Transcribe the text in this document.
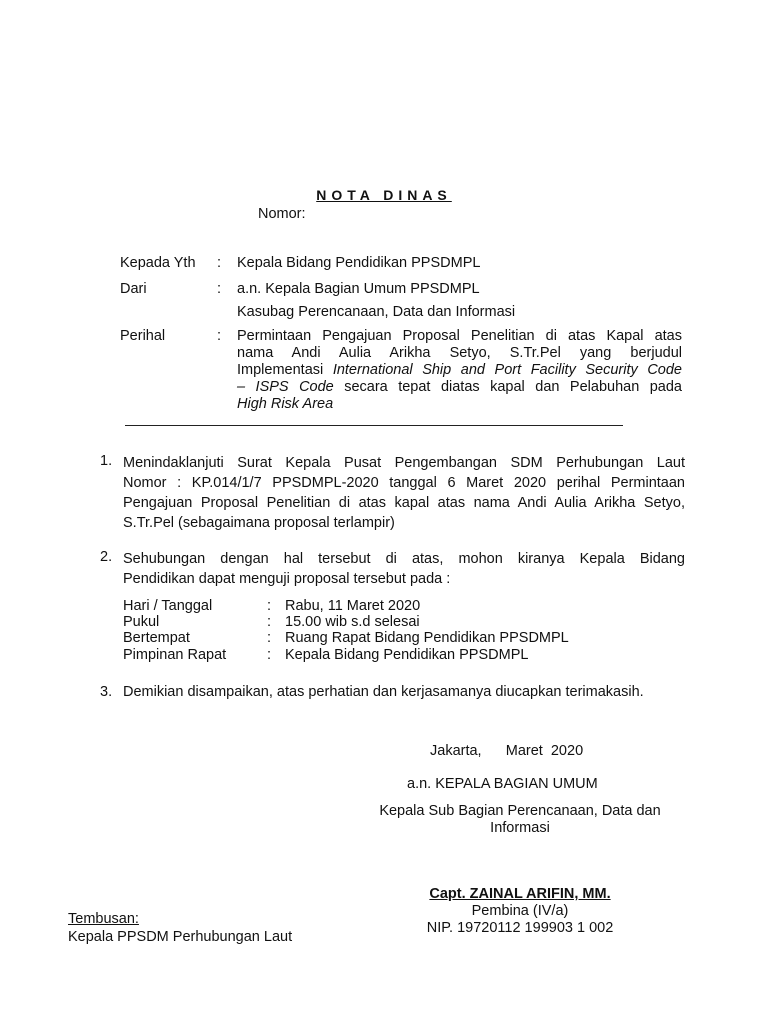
NOTA DINAS
Nomor:
Kepada Yth : Kepala Bidang Pendidikan PPSDMPL
Dari	: a.n. Kepala Bagian Umum PPSDMPL
Kasubag Perencanaan, Data dan Informasi
Perihal	: Permintaan Pengajuan Proposal Penelitian di atas Kapal atas
nama Andi Aulia Arikha Setyo, S.Tr.Pel yang berjudul
Implementasi International Ship and Port Facility Security Code
– ISPS Code secara tepat diatas kapal dan Pelabuhan pada
High Risk Area
1. Menindaklanjuti Surat Kepala Pusat Pengembangan SDM Perhubungan Laut
Nomor : KP.014/1/7 PPSDMPL-2020 tanggal 6 Maret 2020 perihal Permintaan
Pengajuan Proposal Penelitian di atas kapal atas nama Andi Aulia Arikha Setyo,
S.Tr.Pel (sebagaimana proposal terlampir)
2. Sehubungan dengan hal tersebut di atas, mohon kiranya Kepala Bidang
Pendidikan dapat menguji proposal tersebut pada :
Hari / Tanggal	: Rabu, 11 Maret 2020
Pukul	: 15.00 wib s.d selesai
Bertempat	: Ruang Rapat Bidang Pendidikan PPSDMPL
Pimpinan Rapat	: Kepala Bidang Pendidikan PPSDMPL
3. Demikian disampaikan, atas perhatian dan kerjasamanya diucapkan terimakasih.
Jakarta,      Maret  2020
a.n. KEPALA BAGIAN UMUM
Kepala Sub Bagian Perencanaan, Data dan
Informasi
Capt. ZAINAL ARIFIN, MM.
Pembina (IV/a)
NIP. 19720112 199903 1 002
Tembusan:
Kepala PPSDM Perhubungan Laut
